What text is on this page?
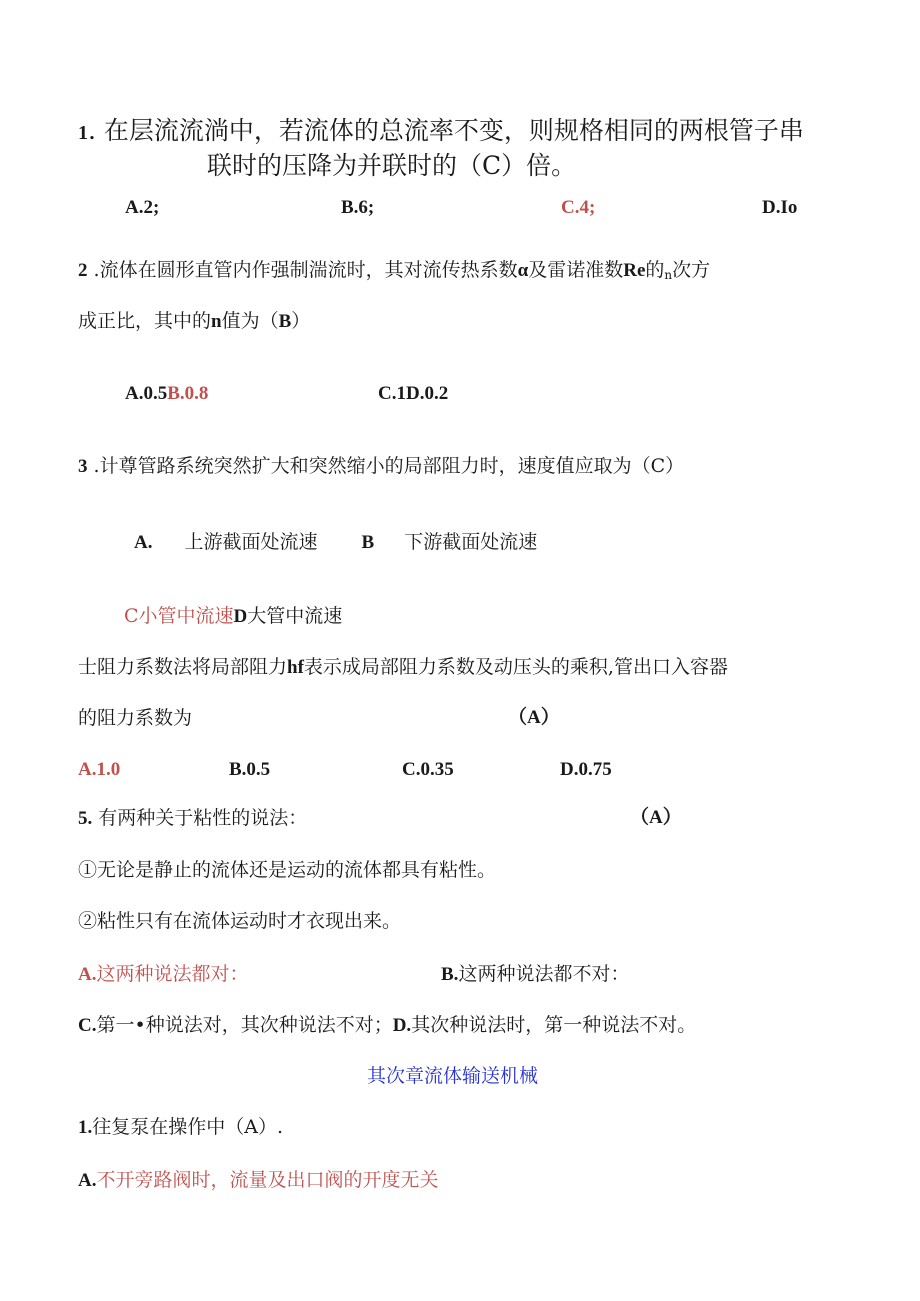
1. 在层流流淌中，若流体的总流率不变，则规格相同的两根管子串
联时的压降为并联时的（C）倍。
A.2;	B.6;	C.4;	D.Io
2 .流体在圆形直管内作强制湍流时，其对流传热系数α及雷诺准数Re的$_n$次方
成正比，其中的n值为（B）
A.0.5B.0.8	C.1D.0.2
3 .计尊管路系统突然扩大和突然缩小的局部阻力时，速度值应取为（C）
A. 上游截面处流速 B 下游截面处流速
C小管中流速D大管中流速
士阻力系数法将局部阻力hf表示成局部阻力系数及动压头的乘积,管出口入容器
的阻力系数为	（A）
A.1.0	B.0.5	C.0.35	D.0.75
5. 有两种关于粘性的说法：	（A）
①无论是静止的流体还是运动的流体都具有粘性。
②粘性只有在流体运动时才衣现出来。
A.这两种说法都对：	B.这两种说法都不对：
C.第一•种说法对，其次种说法不对；D.其次种说法时，第一种说法不对。
其次章流体输送机械
1.往复泵在操作中（A）.
A.不开旁路阀时，流量及出口阀的开度无关
